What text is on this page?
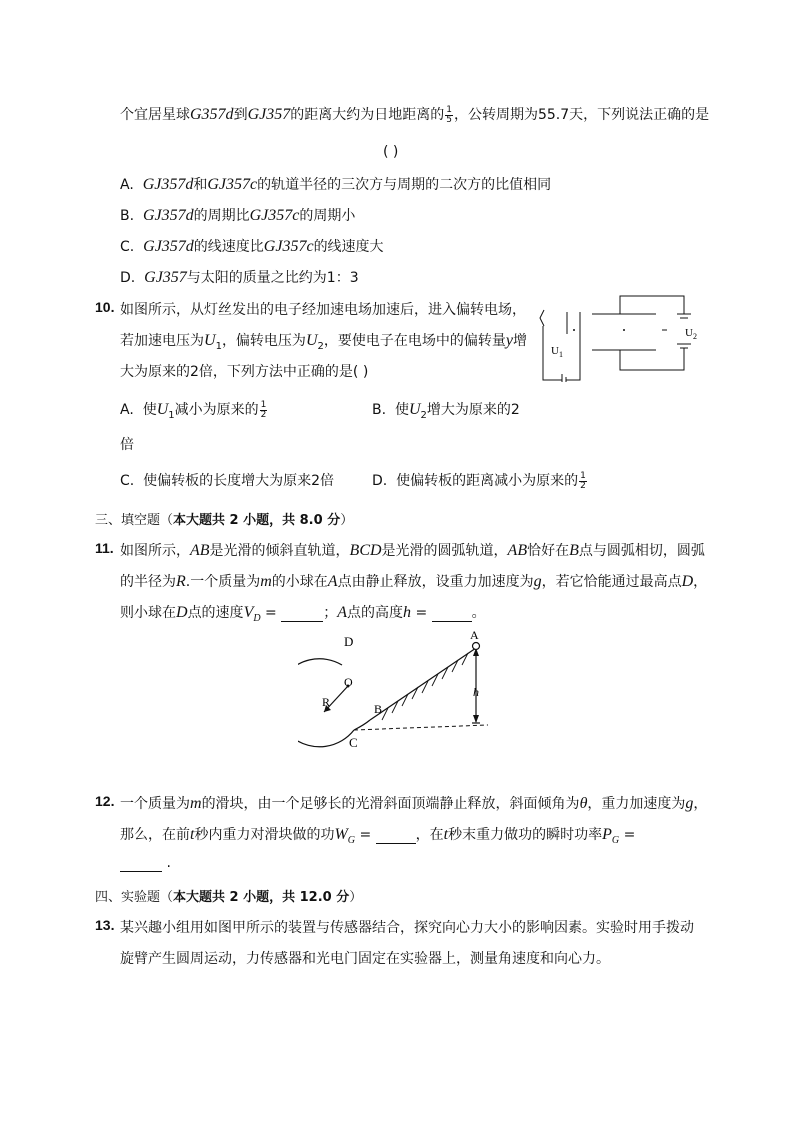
个宜居星球G357d到GJ357的距离大约为日地距离的 $\frac{1}{5}$ ，公转周期为55.7天，下列说法正确的是
( )
A. GJ357d和GJ357c的轨道半径的三次方与周期的二次方的比值相同
B. GJ357d的周期比GJ357c的周期小
C. GJ357d的线速度比GJ357c的线速度大
D. GJ357与太阳的质量之比约为1：3
10. 如图所示，从灯丝发出的电子经加速电场加速后，进入偏转电场，
若加速电压为$U_1$，偏转电压为$U_2$，要使电子在电场中的偏转量y增
大为原来的2倍，下列方法中正确的是( )
U 1
U 2
A. 使$U_1$减小为原来的 $\frac{1}{2}$	B. 使$U_2$增大为原来的2
倍
C. 使偏转板的长度增大为原来2倍	D. 使偏转板的距离减小为原来的 $\frac{1}{2}$
三、填空题（本大题共 2 小题，共 8.0 分）
11. 如图所示，AB是光滑的倾斜直轨道，BCD是光滑的圆弧轨道，AB恰好在B点与圆弧相切，圆弧
的半径为R.一个质量为m的小球在A点由静止释放，设重力加速度为g，若它恰能通过最高点D，
则小球在D点的速度$V_D$ =	；A点的高度h =	。
D
O
R	B
C
A
h
12. 一个质量为m的滑块，由一个足够长的光滑斜面顶端静止释放，斜面倾角为θ，重力加速度为g，
那么，在前t秒内重力对滑块做的功$W_G$ =	，在t秒末重力做功的瞬时功率$P_G$ =
.
四、实验题（本大题共 2 小题，共 12.0 分）
13. 某兴趣小组用如图甲所示的装置与传感器结合，探究向心力大小的影响因素。实验时用手拨动
旋臂产生圆周运动，力传感器和光电门固定在实验器上，测量角速度和向心力。
